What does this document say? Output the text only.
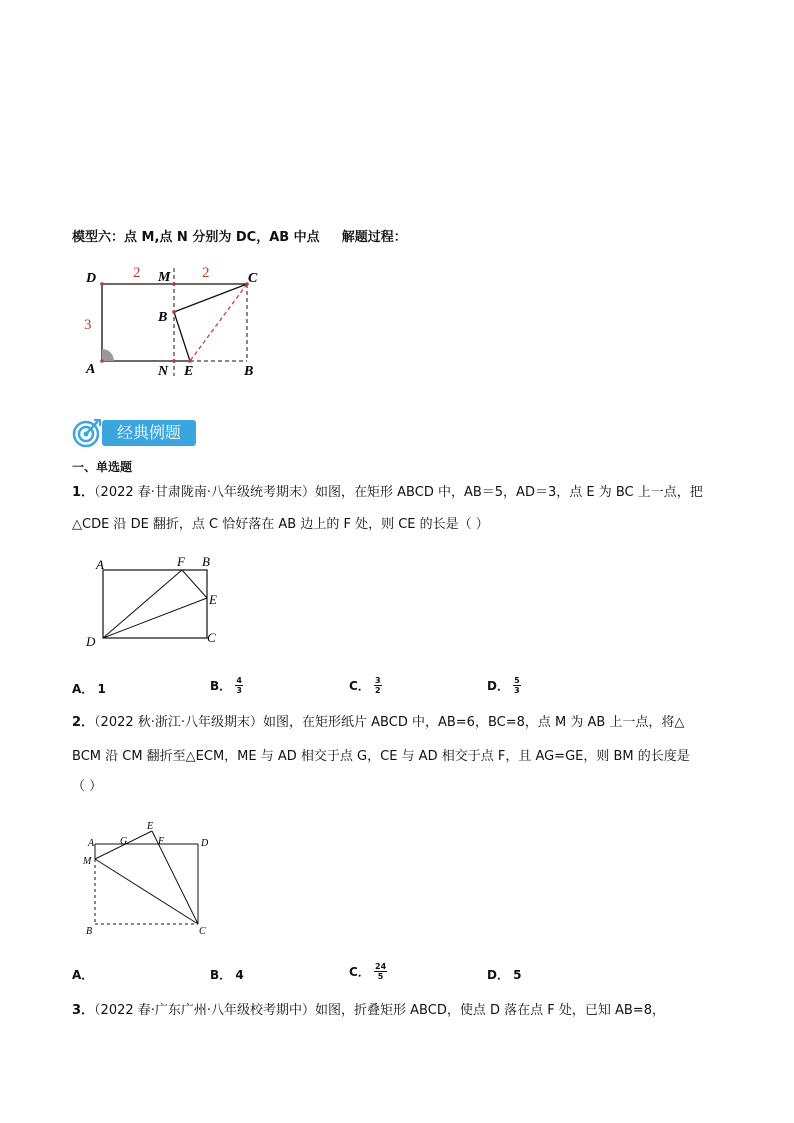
模型六：点 M,点 N 分别为 DC，AB 中点 解题过程：
D	M	C
B
A	N E	B
2	2
3
经典例题
一、单选题
1．（2022 春·甘肃陇南·八年级统考期末）如图，在矩形 ABCD 中，AB＝5，AD＝3，点 E 为 BC 上一点，把
△CDE 沿 DE 翻折，点 C 恰好落在 AB 边上的 F 处，则 CE 的长是（ ）
A	F B
E
D	C
A． 1	B． $\frac{4}{3}$	C． $\frac{3}{2}$	D． $\frac{5}{3}$
2．（2022 秋·浙江·八年级期末）如图，在矩形纸片 ABCD 中，AB=6，BC=8，点 M 为 AB 上一点，将△
BCM 沿 CM 翻折至△ECM，ME 与 AD 相交于点 G，CE 与 AD 相交于点 F，且 AG=GE，则 BM 的长度是
（ ）
A	G
E
F	D
M
B	C
A．	B． 4	C． $\frac{24}{5}$	D． 5
3．（2022 春·广东广州·八年级校考期中）如图，折叠矩形 ABCD，使点 D 落在点 F 处，已知 AB=8，
